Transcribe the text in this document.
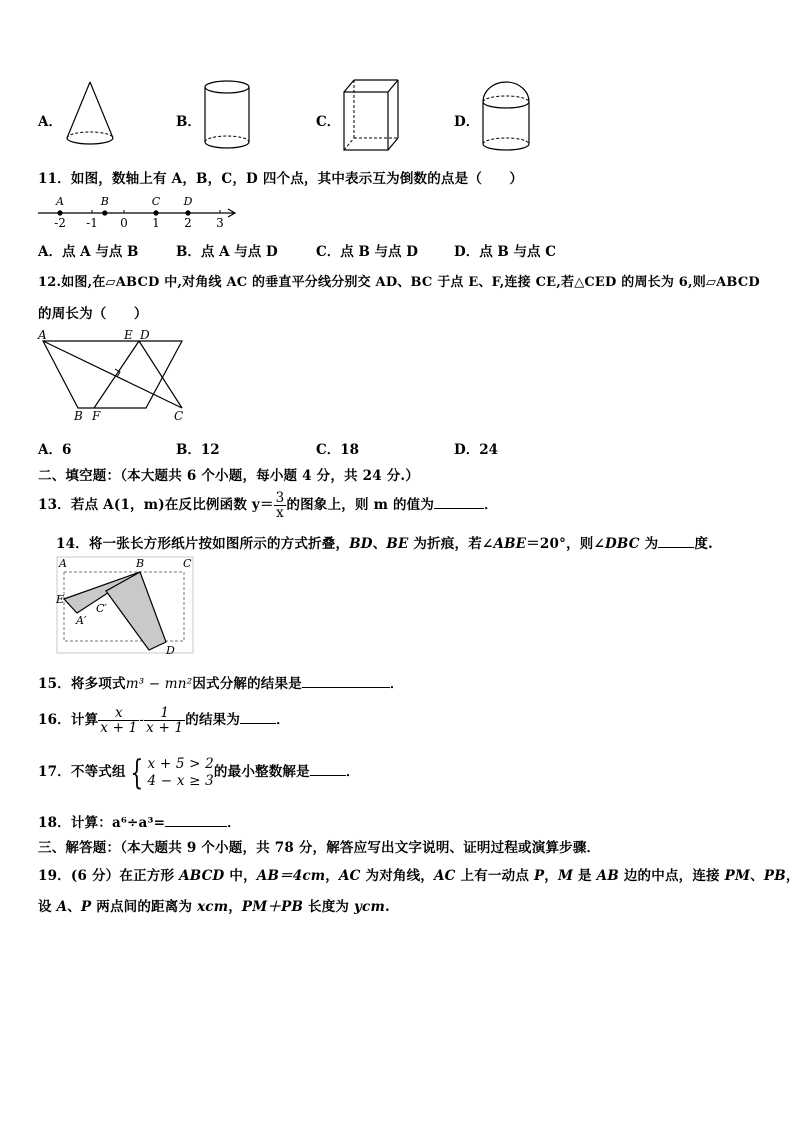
A．	B．	C．	D．
11．如图，数轴上有 A，B，C，D 四个点，其中表示互为倒数的点是（　　）
-2 -1 0 1 2 3
A	B	C D
A．点 A 与点 B	B．点 A 与点 D	C．点 B 与点 D	D．点 B 与点 C
12.如图,在▱ABCD 中,对角线 AC 的垂直平分线分别交 AD、BC 于点 E、F,连接 CE,若△CED 的周长为 6,则▱ABCD
的周长为（　　）
A	E D
B F	C
A．6	B．12	C．18	D．24
二、填空题：（本大题共 6 个小题，每小题 4 分，共 24 分.）
13．若点 A(1，m)在反比例函数 $y= \frac{3}{x}$ 的图象上，则 m 的值为	．
14．将一张长方形纸片按如图所示的方式折叠，BD、BE 为折痕，若∠ABE＝20°，则∠DBC 为	度.
A	B	C
E
C′
A′
D
15．将多项式m³ − mn²因式分解的结果是	．
16．计算 $\frac{x}{x + 1} - \frac{1}{x + 1}$ 的结果为	．
17．不等式组 { x + 5 > 2
4 − x ≥ 3
的最小整数解是	．
18．计算：a⁶÷a³=	．
三、解答题：（本大题共 9 个小题，共 78 分，解答应写出文字说明、证明过程或演算步骤．
19．(6 分）在正方形 ABCD 中，AB＝4cm，AC 为对角线，AC 上有一动点 P，M 是 AB 边的中点，连接 PM、PB，
设 A、P 两点间的距离为 xcm，PM＋PB 长度为 ycm.
